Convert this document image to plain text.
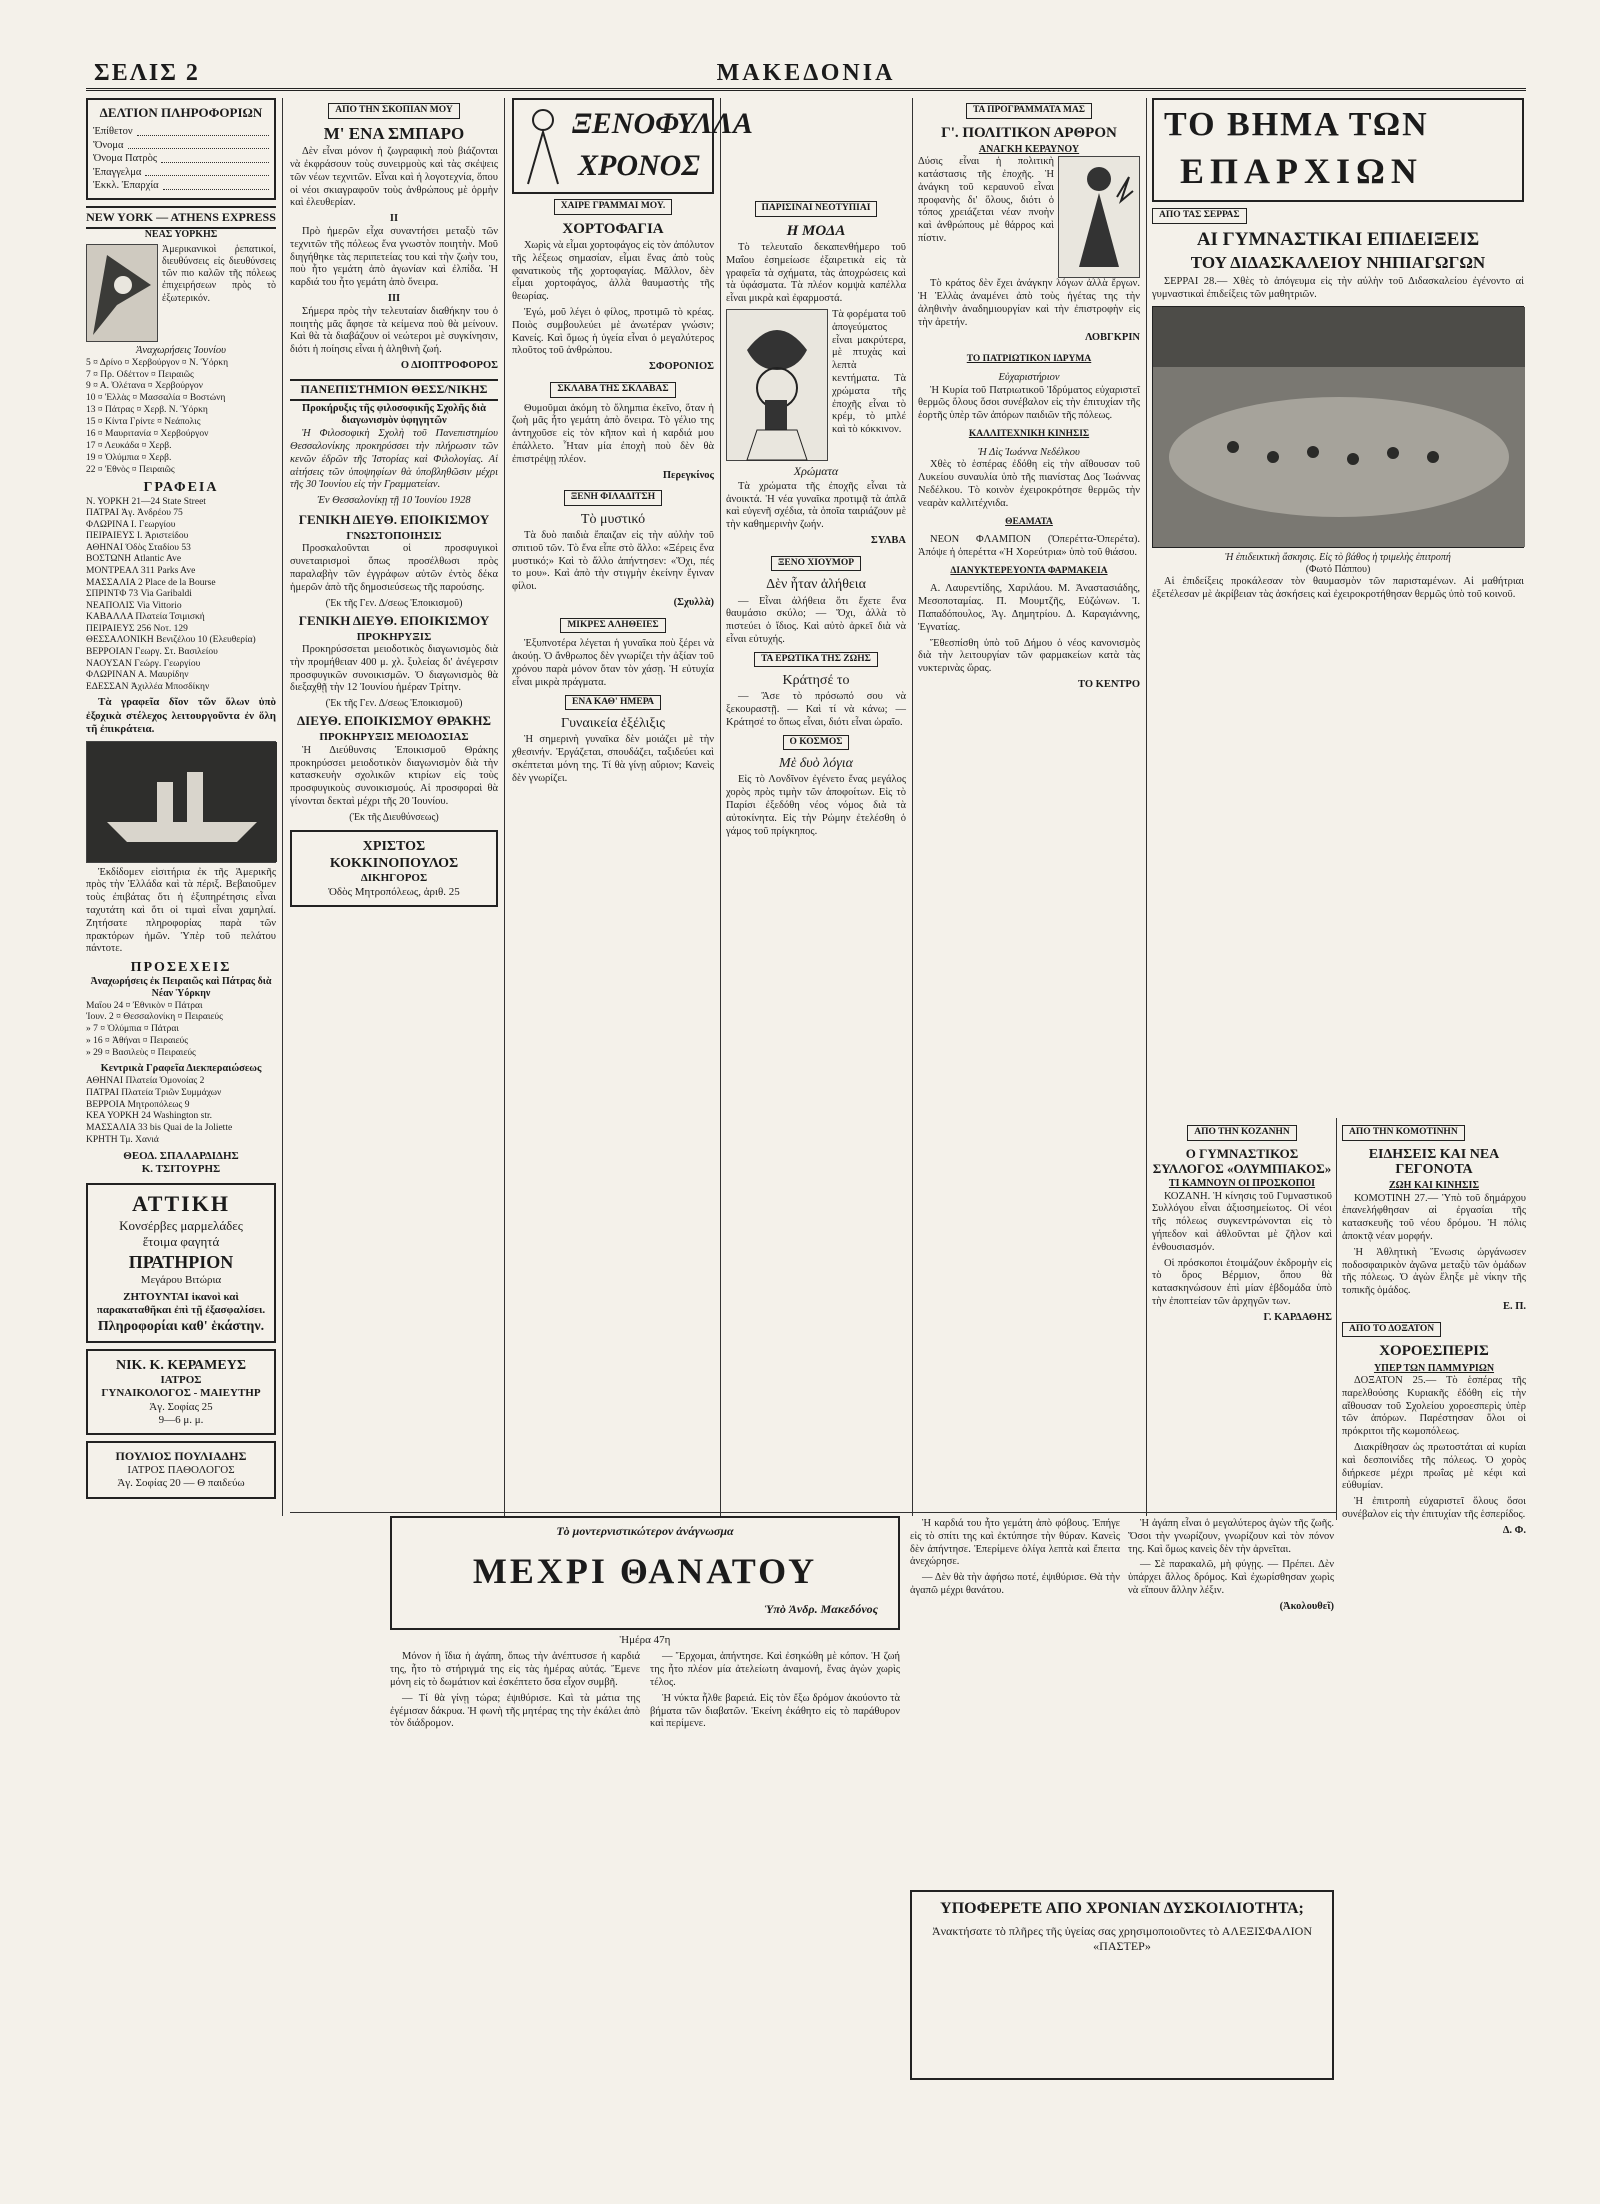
ΣΕΛΙΣ 2	ΜΑΚΕΔΟΝΙΑ
ΔΕΛΤΙΟΝ ΠΛΗΡΟΦΟΡΙΩΝ
Ἐπίθετον
Ὄνομα
Ὀνομα Πατρὸς
Ἐπαγγελμα
Ἐκκλ. Ἐπαρχία
NEW YORK — ATHENS EXPRESS
ΝΕΑΣ ΥΟΡΚΗΣ

Ἀμερικανικοὶ ῥεπατικοί, διευθύνσεις εἰς διευθύνσεις τῶν πιο καλῶν τῆς πόλεως ἐπιχειρήσεων πρὸς τὸ ἐξωτερικόν.

Ἀναχωρήσεις Ἰουνίου
5 ¤ Δρίνο ¤ Χερβούργον ¤ Ν. Ὑόρκη
7 ¤ Πρ. Οδέττον ¤ Πειραιῶς
9 ¤ Α. Ὀλέτανα ¤ Χερβούργον
10 ¤ Ἑλλὰς ¤ Μασσαλία ¤ Βοστώνη
13 ¤ Πάτρας ¤ Χερβ. Ν. Ὑόρκη
15 ¤ Κίντα Γρίντε ¤ Νεάπολις
16 ¤ Μαυριτανία ¤ Χερβούργον
17 ¤ Λευκάδα ¤ Χερβ.
19 ¤ Ὀλύμπια ¤ Χερβ.
22 ¤ Ἐθνὸς ¤ Πειραιῶς
ΓΡΑΦΕΙΑ
Ν. ΥΟΡΚΗ 21—24 State Street
ΠΑΤΡΑΙ Ἀγ. Ἀνδρέου 75
ΦΛΩΡΙΝΑ Ι. Γεωργίου
ΠΕΙΡΑΙΕΥΣ Ι. Ἀριστείδου
ΑΘΗΝΑΙ Ὁδὸς Σταδίου 53
ΒΟΣΤΩΝΗ Atlantic Ave
ΜΟΝΤΡΕΑΛ 311 Parks Ave
ΜΑΣΣΑΛΙΑ 2 Place de la Bourse
ΣΠΡΙΝΤΦ 73 Via Garibaldi
ΝΕΑΠΟΛΙΣ Via Vittorio
ΚΑΒΑΛΛΑ Πλατεία Τσιμισκή
ΠΕΙΡΑΙΕΥΣ 256 Νοτ. 129
ΘΕΣΣΑΛΟΝΙΚΗ Βενιζέλου 10 (Ελευθερία)
ΒΕΡΡΟΙΑΝ Γεωργ. Στ. Βασιλείου
ΝΑΟΥΣΑΝ Γεώργ. Γεωργίου
ΦΛΩΡΙΝΑΝ Α. Μαυρίδην
ΕΔΕΣΣΑΝ Ἀχιλλέα Μποσδίκην

Τὰ γραφεῖα δῖον τῶν ὅλων ὑπὸ ἐξοχικὰ στέλεχος λειτουργοῦντα ἐν ὅλη τῆ ἐπικράτεια.

Ἐκδίδομεν εἰσιτήρια ἐκ τῆς Ἀμερικῆς πρὸς τὴν Ἑλλάδα καὶ τὰ πέριξ. Βεβαιοῦμεν τοὺς ἐπιβάτας ὅτι ἡ ἐξυπηρέτησις εἶναι ταχυτάτη καὶ ὅτι οἱ τιμαὶ εἶναι χαμηλαί. Ζητήσατε πληροφορίας παρὰ τῶν πρακτόρων ἡμῶν. Ὑπὲρ τοῦ πελάτου πάντοτε.

ΠΡΟΣΕΧΕΙΣ
Ἀναχωρήσεις ἐκ Πειραιῶς καὶ Πάτρας διὰ Νέαν Ὑόρκην
Μαΐου 24 ¤ Ἐθνικὸν ¤ Πάτραι
Ἰουν. 2 ¤ Θεσσαλονίκη ¤ Πειραιεύς
» 7 ¤ Ὀλύμπια ¤ Πάτραι
» 16 ¤ Ἀθήναι ¤ Πειραιεύς
» 29 ¤ Βασιλεὺς ¤ Πειραιεύς
Κεντρικὰ Γραφεῖα Διεκπεραιώσεως
ΑΘΗΝΑΙ Πλατεία Ὁμονοίας 2
ΠΑΤΡΑΙ Πλατεία Τριῶν Συμμάχων
ΒΕΡΡΟΙΑ Μητροπόλεως 9
ΚΕΑ ΥΟΡΚΗ 24 Washington str.
ΜΑΣΣΑΛΙΑ 33 bis Quai de la Joliette
ΚΡΗΤΗ Τμ. Χανιά
ΘΕΟΔ. ΣΠΑΛΑΡΔΙΔΗΣ
Κ. ΤΣΙΤΟΥΡΗΣ
ΑΤΤΙΚΗ
Κονσέρβες μαρμελάδες
ἕτοιμα φαγητά
ΠΡΑΤΗΡΙΟΝ
Μεγάρου Βιτώρια
ΖΗΤΟΥΝΤΑΙ ἱκανοὶ καὶ παρακαταθῆκαι ἐπὶ τῇ ἐξασφαλίσει.
Πληροφορίαι καθ' ἑκάστην.
ΝΙΚ. Κ. ΚΕΡΑΜΕΥΣ
ΙΑΤΡΟΣ
ΓΥΝΑΙΚΟΛΟΓΟΣ - ΜΑΙΕΥΤΗΡ
Ἀγ. Σοφίας 25
9—6 μ. μ.
ΠΟΥΛΙΟΣ ΠΟΥΛΙΑΔΗΣ
ΙΑΤΡΟΣ ΠΑΘΟΛΟΓΟΣ
Ἀγ. Σοφίας 20 — Θ παιδεύω
ΑΠΟ ΤΗΝ ΣΚΟΠΙΑΝ ΜΟΥ
Μ' ΕΝΑ ΣΜΠΑΡΟ

Δὲν εἶναι μόνον ἡ ζωγραφικὴ ποὺ βιάζονται νὰ ἐκφράσουν τοὺς συνειρμοὺς καὶ τὰς σκέψεις τῶν νέων τεχνιτῶν. Εἶναι καὶ ἡ λογοτεχνία, ὅπου οἱ νέοι σκιαγραφοῦν τοὺς ἀνθρώπους μὲ ὁρμὴν καὶ ἐλευθερίαν.

II

Πρὸ ἡμερῶν εἶχα συναντήσει μεταξὺ τῶν τεχνιτῶν τῆς πόλεως ἕνα γνωστὸν ποιητὴν. Μοῦ διηγήθηκε τὰς περιπετείας του καὶ τὴν ζωὴν του, ποὺ ἦτο γεμάτη ἀπὸ ἀγωνίαν καὶ ἐλπίδα. Ἡ καρδιά του ἦτο γεμάτη ἀπὸ ὄνειρα.

III

Σήμερα πρὸς τὴν τελευταίαν διαθήκην του ὁ ποιητὴς μᾶς ἄφησε τὰ κείμενα ποὺ θὰ μείνουν. Καὶ θὰ τὰ διαβάζουν οἱ νεώτεροι μὲ συγκίνησιν, διότι ἡ ποίησις εἶναι ἡ ἀληθινὴ ζωή.

Ο ΔΙΟΠΤΡΟΦΟΡΟΣ
ΠΑΝΕΠΙΣΤΗΜΙΟΝ ΘΕΣΣ/ΝΙΚΗΣ
Προκήρυξις τῆς φιλοσοφικῆς Σχολῆς διὰ διαγωνισμὸν ὑφηγητῶν

Ἡ Φιλοσοφικὴ Σχολὴ τοῦ Πανεπιστημίου Θεσσαλονίκης προκηρύσσει τὴν πλήρωσιν τῶν κενῶν ἐδρῶν τῆς Ἱστορίας καὶ Φιλολογίας. Αἱ αἰτήσεις τῶν ὑποψηφίων θὰ ὑποβληθῶσιν μέχρι τῆς 30 Ἰουνίου εἰς τὴν Γραμματείαν.

Ἐν Θεσσαλονίκῃ τῇ 10 Ἰουνίου 1928
ΓΕΝΙΚΗ ΔΙΕΥΘ. ΕΠΟΙΚΙΣΜΟΥ
ΓΝΩΣΤΟΠΟΙΗΣΙΣ

Προσκαλοῦνται οἱ προσφυγικοὶ συνεταιρισμοὶ ὅπως προσέλθωσι πρὸς παραλαβὴν τῶν ἐγγράφων αὐτῶν ἐντὸς δέκα ἡμερῶν ἀπὸ τῆς δημοσιεύσεως τῆς παρούσης.

(Ἐκ τῆς Γεν. Δ/σεως Ἐποικισμοῦ)
ΓΕΝΙΚΗ ΔΙΕΥΘ. ΕΠΟΙΚΙΣΜΟΥ
ΠΡΟΚΗΡΥΞΙΣ

Προκηρύσσεται μειοδοτικὸς διαγωνισμὸς διὰ τὴν προμήθειαν 400 μ. χλ. ξυλείας δι' ἀνέγερσιν προσφυγικῶν συνοικισμῶν. Ὁ διαγωνισμὸς θὰ διεξαχθῇ τὴν 12 Ἰουνίου ἡμέραν Τρίτην.

(Ἐκ τῆς Γεν. Δ/σεως Ἐποικισμοῦ)
ΔΙΕΥΘ. ΕΠΟΙΚΙΣΜΟΥ ΘΡΑΚΗΣ
ΠΡΟΚΗΡΥΞΙΣ ΜΕΙΟΔΟΣΙΑΣ

Ἡ Διεύθυνσις Ἐποικισμοῦ Θράκης προκηρύσσει μειοδοτικὸν διαγωνισμὸν διὰ τὴν κατασκευὴν σχολικῶν κτιρίων εἰς τοὺς προσφυγικοὺς συνοικισμούς. Αἱ προσφοραὶ θὰ γίνονται δεκταὶ μέχρι τῆς 20 Ἰουνίου.

(Ἐκ τῆς Διευθύνσεως)
ΧΡΙΣΤΟΣ ΚΟΚΚΙΝΟΠΟΥΛΟΣ
ΔΙΚΗΓΟΡΟΣ
Ὁδὸς Μητροπόλεως, ἀριθ. 25
ΞΕΝΟΦΥΛΛΑ
ΧΡΟΝΟΣ
ΧΑΙΡΕ ΓΡΑΜΜΑΙ ΜΟΥ.
ΧΟΡΤΟΦΑΓΙΑ

Χωρὶς νὰ εἶμαι χορτοφάγος εἰς τὸν ἀπόλυτον τῆς λέξεως σημασίαν, εἶμαι ἕνας ἀπὸ τοὺς φανατικοὺς τῆς χορτοφαγίας. Μᾶλλον, δὲν εἶμαι χορτοφάγος, ἀλλὰ θαυμαστὴς τῆς θεωρίας.

Ἐγώ, μοῦ λέγει ὁ φίλος, προτιμῶ τὸ κρέας. Ποιὸς συμβουλεύει μὲ ἀνωτέραν γνώσιν; Κανείς. Καὶ ὅμως ἡ ὑγεία εἶναι ὁ μεγαλύτερος πλοῦτος τοῦ ἀνθρώπου.

ΣΦΟΡΟΝΙΟΣ
ΣΚΛΑΒΑ ΤΗΣ ΣΚΛΑΒΑΣ

Θυμοῦμαι ἀκόμη τὸ ὄλημπια ἐκεῖνο, ὅταν ἡ ζωὴ μᾶς ἦτο γεμάτη ἀπὸ ὄνειρα. Τὸ γέλιο της ἀντηχοῦσε εἰς τὸν κῆπον καὶ ἡ καρδιά μου ἐπάλλετο. Ἦταν μία ἐποχὴ ποὺ δὲν θὰ ἐπιστρέψῃ πλέον.

Περεγκίνος
ΞΕΝΗ ΦΙΛΑΔΙΤΣΗ
Τὸ μυστικό

Τὰ δυὸ παιδιὰ ἔπαιζαν εἰς τὴν αὐλὴν τοῦ σπιτιοῦ τῶν. Τὸ ἕνα εἶπε στὸ ἄλλο: «Ξέρεις ἕνα μυστικό;» Καὶ τὸ ἄλλο ἀπήντησεν: «Ὄχι, πές το μου». Καὶ ἀπὸ τὴν στιγμὴν ἐκείνην ἔγιναν φίλοι.

(Σχυλλὰ)
ΜΙΚΡΕΣ ΑΛΗΘΕΙΕΣ

Ἐξυπνοτέρα λέγεται ἡ γυναῖκα ποὺ ξέρει νὰ ἀκούῃ. Ὁ ἄνθρωπος δὲν γνωρίζει τὴν ἀξίαν τοῦ χρόνου παρὰ μόνον ὅταν τὸν χάσῃ. Ἡ εὐτυχία εἶναι μικρὰ πράγματα.

ΕΝΑ ΚΑΘ' ΗΜΕΡΑ
Γυναικεία ἐξέλιξις

Ἡ σημερινὴ γυναῖκα δὲν μοιάζει μὲ τὴν χθεσινήν. Ἐργάζεται, σπουδάζει, ταξιδεύει καὶ σκέπτεται μόνη της. Τί θὰ γίνῃ αὔριον; Κανεὶς δὲν γνωρίζει.

ΠΑΡΙΣΙΝΑΙ ΝΕΟΤΥΠΙΑΙ
Η ΜΟΔΑ

Τὸ τελευταῖο δεκαπενθήμερο τοῦ Μαΐου ἐσημείωσε ἐξαιρετικὰ εἰς τὰ γραφεῖα τὰ σχήματα, τὰς ἀποχρώσεις καὶ τὰ ὑφάσματα. Τὰ πλέον κομψὰ καπέλλα εἶναι μικρὰ καὶ ἐφαρμοστά.

Τὰ φορέματα τοῦ ἀπογεύματος εἶναι μακρύτερα, μὲ πτυχὰς καὶ λεπτὰ κεντήματα. Τὰ χρώματα τῆς ἐποχῆς εἶναι τὸ κρέμ, τὸ μπλέ καὶ τὸ κόκκινον.

Χρώματα

Τὰ χρώματα τῆς ἐποχῆς εἶναι τὰ ἀνοικτά. Ἡ νέα γυναῖκα προτιμᾷ τὰ ἁπλᾶ καὶ εὐγενῆ σχέδια, τὰ ὁποῖα ταιριάζουν μὲ τὴν καθημερινὴν ζωήν.

ΣΥΛΒΑ
ΞΕΝΟ ΧΙΟΥΜΟΡ
Δὲν ἦταν ἀλήθεια

— Εἶναι ἀλήθεια ὅτι ἔχετε ἕνα θαυμάσιο σκύλο; — Ὄχι, ἀλλὰ τὸ πιστεύει ὁ ἴδιος. Καὶ αὐτὸ ἀρκεῖ διὰ νὰ εἶναι εὐτυχής.

ΤΑ ΕΡΩΤΙΚΑ ΤΗΣ ΖΩΗΣ
Κράτησέ το

— Ἄσε τὸ πρόσωπό σου νὰ ξεκουραστῇ. — Καὶ τί νὰ κάνω; — Κράτησέ το ὅπως εἶναι, διότι εἶναι ὡραῖο.

Ο ΚΟΣΜΟΣ
Μὲ δυὸ λόγια

Εἰς τὸ Λονδῖνον ἐγένετο ἕνας μεγάλος χορὸς πρὸς τιμὴν τῶν ἀποφοίτων. Εἰς τὸ Παρίσι ἐξεδόθη νέος νόμος διὰ τὰ αὐτοκίνητα. Εἰς τὴν Ρώμην ἐτελέσθη ὁ γάμος τοῦ πρίγκηπος.

ΤΑ ΠΡΟΓΡΑΜΜΑΤΑ ΜΑΣ
Γ'. ΠΟΛΙΤΙΚΟΝ ΑΡΘΡΟΝ
ΑΝΑΓΚΗ ΚΕΡΑΥΝΟΥ

Δύσις εἶναι ἡ πολιτικὴ κατάστασις τῆς ἐποχῆς. Ἡ ἀνάγκη τοῦ κεραυνοῦ εἶναι προφανὴς δι' ὅλους, διότι ὁ τόπος χρειάζεται νέαν πνοὴν καὶ ἀνθρώπους μὲ θάρρος καὶ πίστιν.

Τὸ κράτος δὲν ἔχει ἀνάγκην λόγων ἀλλὰ ἔργων. Ἡ Ἑλλὰς ἀναμένει ἀπὸ τοὺς ἡγέτας της τὴν ἀληθινὴν ἀναδημιουργίαν καὶ τὴν ἐπιστροφὴν εἰς τὴν ἀρετήν.

ΛΟΒΓΚΡΙΝ
ΤΟ ΠΑΤΡΙΩΤΙΚΟΝ ΙΔΡΥΜΑ
Εὐχαριστήριον

Ἡ Κυρία τοῦ Πατριωτικοῦ Ἱδρύματος εὐχαριστεῖ θερμῶς ὅλους ὅσοι συνέβαλον εἰς τὴν ἐπιτυχίαν τῆς ἑορτῆς ὑπὲρ τῶν ἀπόρων παιδιῶν τῆς πόλεως.

ΚΑΛΛΙΤΕΧΝΙΚΗ ΚΙΝΗΣΙΣ
Ἡ Δὶς Ἰωάννα Νεδέλκου

Χθὲς τὸ ἑσπέρας ἐδόθη εἰς τὴν αἴθουσαν τοῦ Λυκείου συναυλία ὑπὸ τῆς πιανίστας Δος Ἰωάννας Νεδέλκου. Τὸ κοινὸν ἐχειροκρότησε θερμῶς τὴν νεαρὰν καλλιτέχνιδα.

ΘΕΑΜΑΤΑ

ΝΕΟΝ ΦΛΑΜΠΟΝ (Ὀπερέττα-Ὀπερέτα). Ἀπόψε ἡ ὀπερέττα «Ἡ Χορεύτρια» ὑπὸ τοῦ θιάσου.

ΔΙΑΝΥΚΤΕΡΕΥΟΝΤΑ ΦΑΡΜΑΚΕΙΑ

Α. Λαυρεντίδης, Χαριλάου. Μ. Ἀναστασιάδης, Μεσοποταμίας. Π. Μουμτζῆς, Εὐζώνων. Ἰ. Παπαδόπουλος, Ἀγ. Δημητρίου. Δ. Καραγιάννης, Ἐγνατίας.

Ἔθεσπίσθη ὑπὸ τοῦ Δήμου ὁ νέος κανονισμὸς διὰ τὴν λειτουργίαν τῶν φαρμακείων κατὰ τὰς νυκτερινὰς ὥρας.

ΤΟ ΚΕΝΤΡΟ
ΤΟ ΒΗΜΑ ΤΩΝ
ΕΠΑΡΧΙΩΝ
ΑΠΟ ΤΑΣ ΣΕΡΡΑΣ
ΑΙ ΓΥΜΝΑΣΤΙΚΑΙ ΕΠΙΔΕΙΞΕΙΣ
ΤΟΥ ΔΙΔΑΣΚΑΛΕΙΟΥ ΝΗΠΙΑΓΩΓΩΝ

ΣΕΡΡΑΙ 28.— Χθὲς τὸ ἀπόγευμα εἰς τὴν αὐλὴν τοῦ Διδασκαλείου ἐγένοντο αἱ γυμναστικαὶ ἐπιδείξεις τῶν μαθητριῶν.

Ἡ ἐπιδεικτικὴ ἄσκησις. Εἰς τὸ βάθος ἡ τριμελὴς ἐπιτροπή
(Φωτό Πάππου)

Αἱ ἐπιδείξεις προκάλεσαν τὸν θαυμασμὸν τῶν παρισταμένων. Αἱ μαθήτριαι ἐξετέλεσαν μὲ ἀκρίβειαν τὰς ἀσκήσεις καὶ ἐχειροκροτήθησαν θερμῶς ὑπὸ τοῦ κοινοῦ.

ΑΠΟ ΤΗΝ ΚΟΖΑΝΗΝ
Ο ΓΥΜΝΑΣΤΙΚΟΣ ΣΥΛΛΟΓΟΣ «ΟΛΥΜΠΙΑΚΟΣ»
ΤΙ ΚΑΜΝΟΥΝ ΟΙ ΠΡΟΣΚΟΠΟΙ

ΚΟΖΑΝΗ. Ἡ κίνησις τοῦ Γυμναστικοῦ Συλλόγου εἶναι ἀξιοσημείωτος. Οἱ νέοι τῆς πόλεως συγκεντρώνονται εἰς τὸ γήπεδον καὶ ἀθλοῦνται μὲ ζῆλον καὶ ἐνθουσιασμόν.

Οἱ πρόσκοποι ἑτοιμάζουν ἐκδρομὴν εἰς τὸ ὄρος Βέρμιον, ὅπου θὰ κατασκηνώσουν ἐπὶ μίαν ἑβδομάδα ὑπὸ τὴν ἐποπτείαν τῶν ἀρχηγῶν των.

Γ. ΚΑΡΔΑΘΗΣ
ΑΠΟ ΤΗΝ ΚΟΜΟΤΙΝΗΝ
ΕΙΔΗΣΕΙΣ ΚΑΙ ΝΕΑ ΓΕΓΟΝΟΤΑ
ΖΩΗ ΚΑΙ ΚΙΝΗΣΙΣ

ΚΟΜΟΤΙΝΗ 27.— Ὑπὸ τοῦ δημάρχου ἐπανελήφθησαν αἱ ἐργασίαι τῆς κατασκευῆς τοῦ νέου δρόμου. Ἡ πόλις ἀποκτᾷ νέαν μορφήν.

Ἡ Ἀθλητικὴ Ἕνωσις ὠργάνωσεν ποδοσφαιρικὸν ἀγῶνα μεταξὺ τῶν ὁμάδων τῆς πόλεως. Ὁ ἀγὼν ἔληξε μὲ νίκην τῆς τοπικῆς ὁμάδος.

Ε. Π.
ΑΠΟ ΤΟ ΔΟΞΑΤΟΝ
ΧΟΡΟΕΣΠΕΡΙΣ
ΥΠΕΡ ΤΩΝ ΠΑΜΜΥΡΙΩΝ

ΔΟΞΑΤΟΝ 25.— Τὸ ἑσπέρας τῆς παρελθούσης Κυριακῆς ἐδόθη εἰς τὴν αἴθουσαν τοῦ Σχολείου χοροεσπερὶς ὑπὲρ τῶν ἀπόρων. Παρέστησαν ὅλοι οἱ πρόκριτοι τῆς κωμοπόλεως.

Διακρίθησαν ὡς πρωτοστάται αἱ κυρίαι καὶ δεσποινίδες τῆς πόλεως. Ὁ χορὸς διήρκεσε μέχρι πρωΐας μὲ κέφι καὶ εὐθυμίαν.

Ἡ ἐπιτροπὴ εὐχαριστεῖ ὅλους ὅσοι συνέβαλον εἰς τὴν ἐπιτυχίαν τῆς ἑσπερίδος.

Δ. Φ.
Τὸ μοντερνιστικώτερον ἀνάγνωσμα
ΜΕΧΡΙ ΘΑΝΑΤΟΥ
Ὑπὸ Ἀνδρ. Μακεδόνος
Ἡμέρα 47η

Μόνον ἡ ἴδια ἡ ἀγάπη, ὅπως τὴν ἀνέπτυσσε ἡ καρδιά της, ἦτο τὸ στήριγμά της εἰς τὰς ἡμέρας αὐτάς. Ἔμενε μόνη εἰς τὸ δωμάτιον καὶ ἐσκέπτετο ὅσα εἶχον συμβῆ.

— Τί θὰ γίνῃ τώρα; ἐψιθύρισε. Καὶ τὰ μάτια της ἐγέμισαν δάκρυα. Ἡ φωνὴ τῆς μητέρας της τὴν ἐκάλει ἀπὸ τὸν διάδρομον.

— Ἔρχομαι, ἀπήντησε. Καὶ ἐσηκώθη μὲ κόπον. Ἡ ζωή της ἦτο πλέον μία ἀτελείωτη ἀναμονή, ἕνας ἀγὼν χωρὶς τέλος.

Ἡ νύκτα ἦλθε βαρειά. Εἰς τὸν ἔξω δρόμον ἀκούοντο τὰ βήματα τῶν διαβατῶν. Ἐκείνη ἐκάθητο εἰς τὸ παράθυρον καὶ περίμενε.

Ἡ καρδιά του ἦτο γεμάτη ἀπὸ φόβους. Ἐπήγε εἰς τὸ σπίτι της καὶ ἐκτύπησε τὴν θύραν. Κανεὶς δὲν ἀπήντησε. Ἐπερίμενε ὀλίγα λεπτὰ καὶ ἔπειτα ἀνεχώρησε.

— Δὲν θὰ τὴν ἀφήσω ποτέ, ἐψιθύρισε. Θὰ τὴν ἀγαπῶ μέχρι θανάτου.

Ἡ ἀγάπη εἶναι ὁ μεγαλύτερος ἀγὼν τῆς ζωῆς. Ὅσοι τὴν γνωρίζουν, γνωρίζουν καὶ τὸν πόνον της. Καὶ ὅμως κανεὶς δὲν τὴν ἀρνεῖται.

— Σὲ παρακαλῶ, μὴ φύγῃς. — Πρέπει. Δὲν ὑπάρχει ἄλλος δρόμος. Καὶ ἐχωρίσθησαν χωρὶς νὰ εἴπουν ἄλλην λέξιν.

(Ἀκολουθεῖ)
ΥΠΟΦΕΡΕΤΕ ΑΠΟ ΧΡΟΝΙΑΝ ΔΥΣΚΟΙΛΙΟΤΗΤΑ;
Ἀνακτήσατε τὸ πλῆρες τῆς ὑγείας σας χρησιμοποιοῦντες τὸ ΑΛΕΞΙΣΦΑΛΙΟΝ «ΠΑΣΤΕΡ»
